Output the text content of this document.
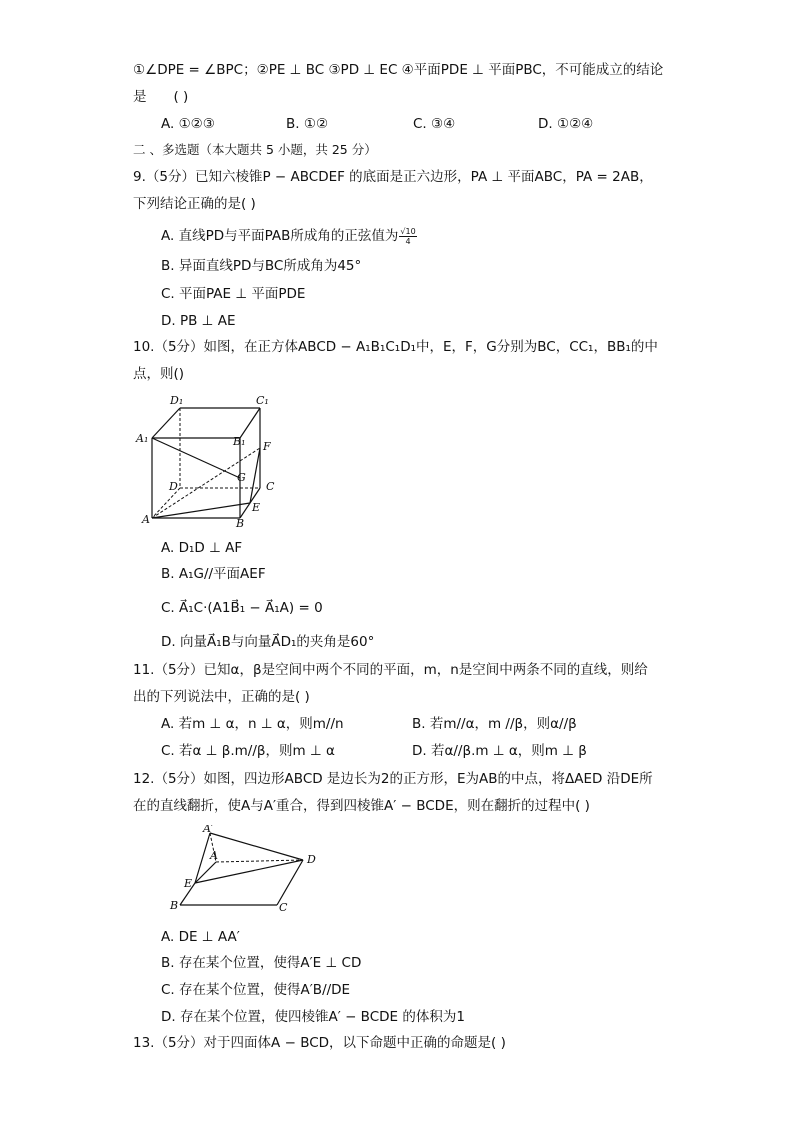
①∠DPE = ∠BPC；②PE ⊥ BC ③PD ⊥ EC ④平面PDE ⊥ 平面PBC，不可能成立的结论
是　　( )
A. ①②③	B. ①②	C. ③④	D. ①②④
二 、多选题（本大题共 5 小题，共 25 分）
9.（5分）已知六棱锥P − ABCDEF 的底面是正六边形，PA ⊥ 平面ABC，PA = 2AB，
下列结论正确的是( )
A. 直线PD与平面PAB所成角的正弦值为 $\frac{√10}{4}$
B. 异面直线PD与BC所成角为45°
C. 平面PAE ⊥ 平面PDE
D. PB ⊥ AE
10.（5分）如图，在正方体ABCD − A₁B₁C₁D₁中，E，F，G分别为BC，CC₁，BB₁的中
点，则()
D₁	C₁
A₁	B₁ F
G
D	C
E
A	B
A. D₁D ⊥ AF
B. A₁G//平面AEF
C. A⃗₁C·(A1B⃗₁ − A⃗₁A) = 0
D. 向量A⃗₁B与向量A⃗D₁的夹角是60°
11.（5分）已知α，β是空间中两个不同的平面，m，n是空间中两条不同的直线，则给
出的下列说法中，正确的是( )
A. 若m ⊥ α，n ⊥ α，则m//n	B. 若m//α，m //β，则α//β
C. 若α ⊥ β.m//β，则m ⊥ α	D. 若α//β.m ⊥ α，则m ⊥ β
12.（5分）如图，四边形ABCD 是边长为2的正方形，E为AB的中点，将ΔAED 沿DE所
在的直线翻折，使A与A′重合，得到四棱锥A′ − BCDE，则在翻折的过程中( )
A′
A	D
E
B	C
A. DE ⊥ AA′
B. 存在某个位置，使得A′E ⊥ CD
C. 存在某个位置，使得A′B//DE
D. 存在某个位置，使四棱锥A′ − BCDE 的体积为1
13.（5分）对于四面体A − BCD，以下命题中正确的命题是( )
